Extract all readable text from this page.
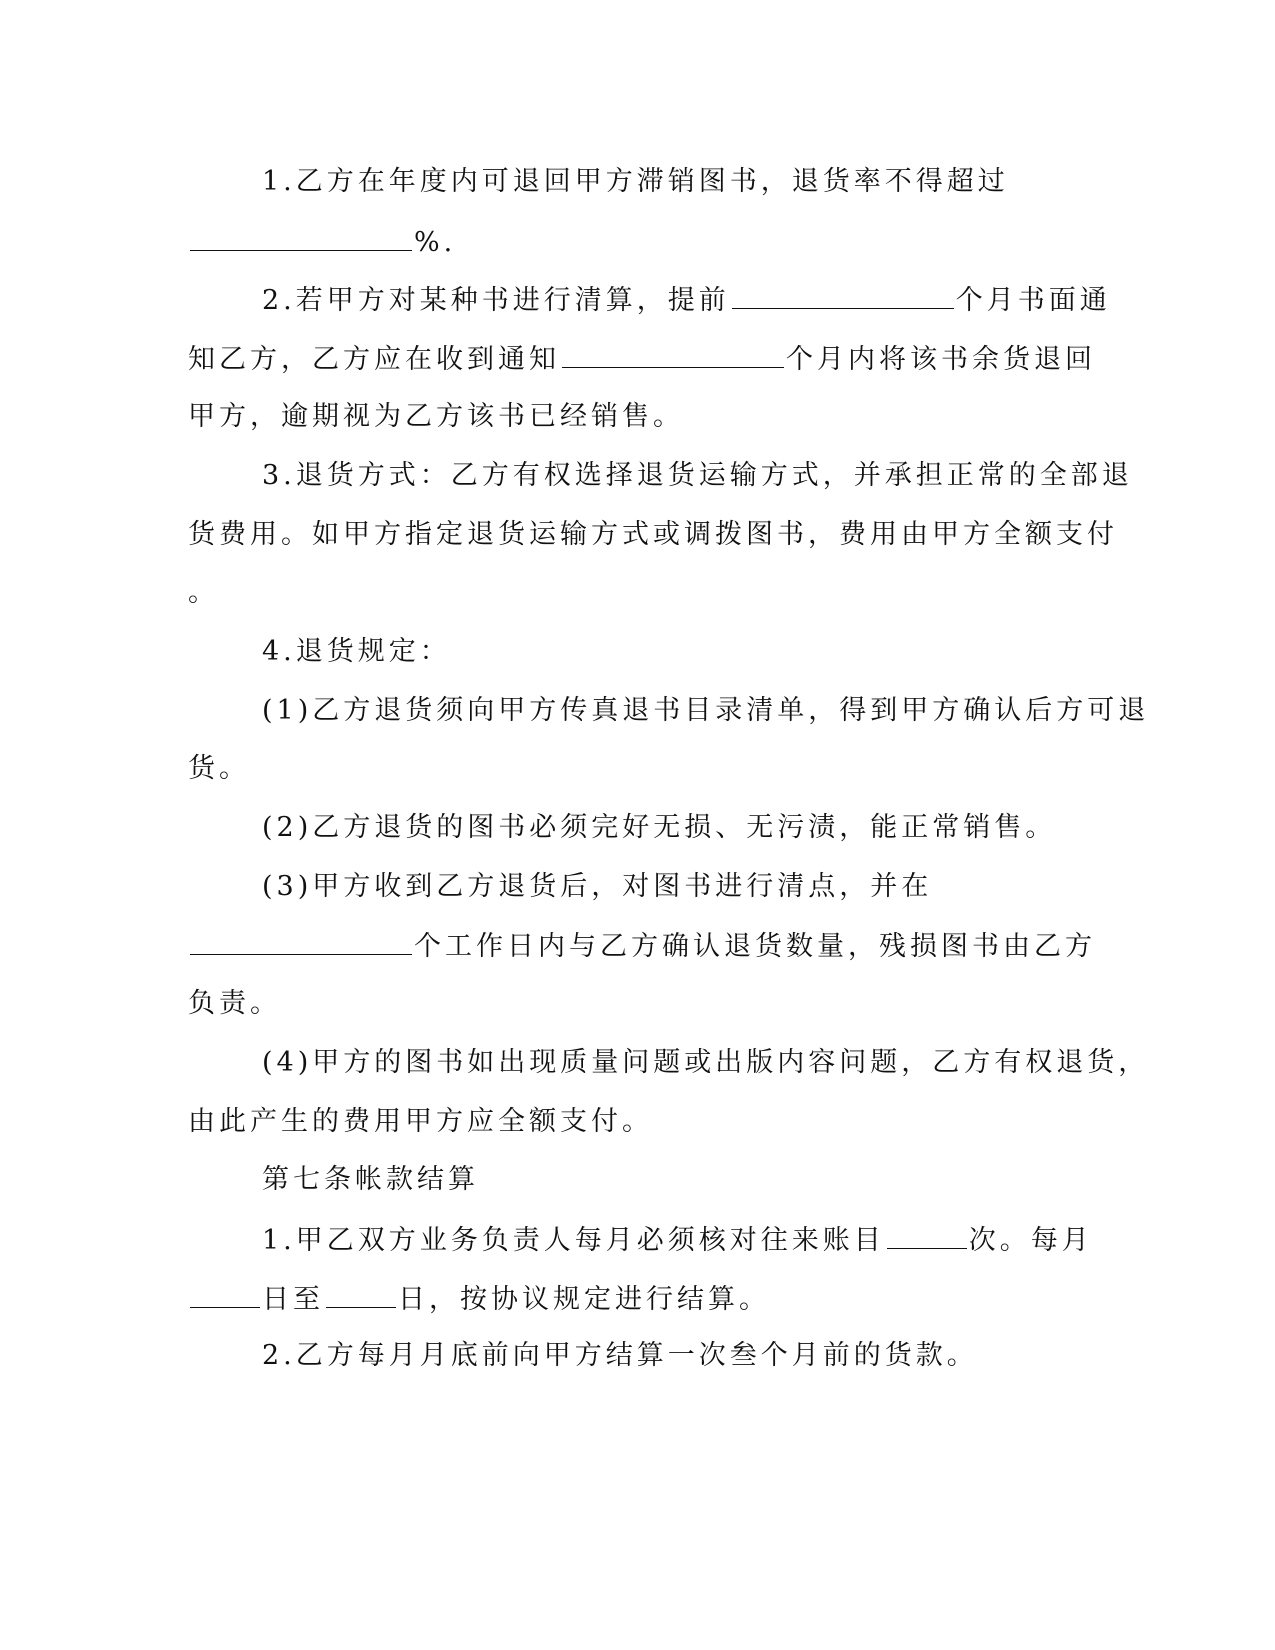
1.乙方在年度内可退回甲方滞销图书，退货率不得超过
%.
2.若甲方对某种书进行清算，提前	个月书面通
知乙方，乙方应在收到通知	个月内将该书余货退回
甲方，逾期视为乙方该书已经销售。
3.退货方式：乙方有权选择退货运输方式，并承担正常的全部退
货费用。如甲方指定退货运输方式或调拨图书，费用由甲方全额支付
。
4.退货规定：
(1)乙方退货须向甲方传真退书目录清单，得到甲方确认后方可退
货。
(2)乙方退货的图书必须完好无损、无污渍，能正常销售。
(3)甲方收到乙方退货后，对图书进行清点，并在
个工作日内与乙方确认退货数量，残损图书由乙方
负责。
(4)甲方的图书如出现质量问题或出版内容问题，乙方有权退货，
由此产生的费用甲方应全额支付。
第七条帐款结算
1.甲乙双方业务负责人每月必须核对往来账目	次。每月
日至	日，按协议规定进行结算。
2.乙方每月月底前向甲方结算一次叁个月前的货款。
